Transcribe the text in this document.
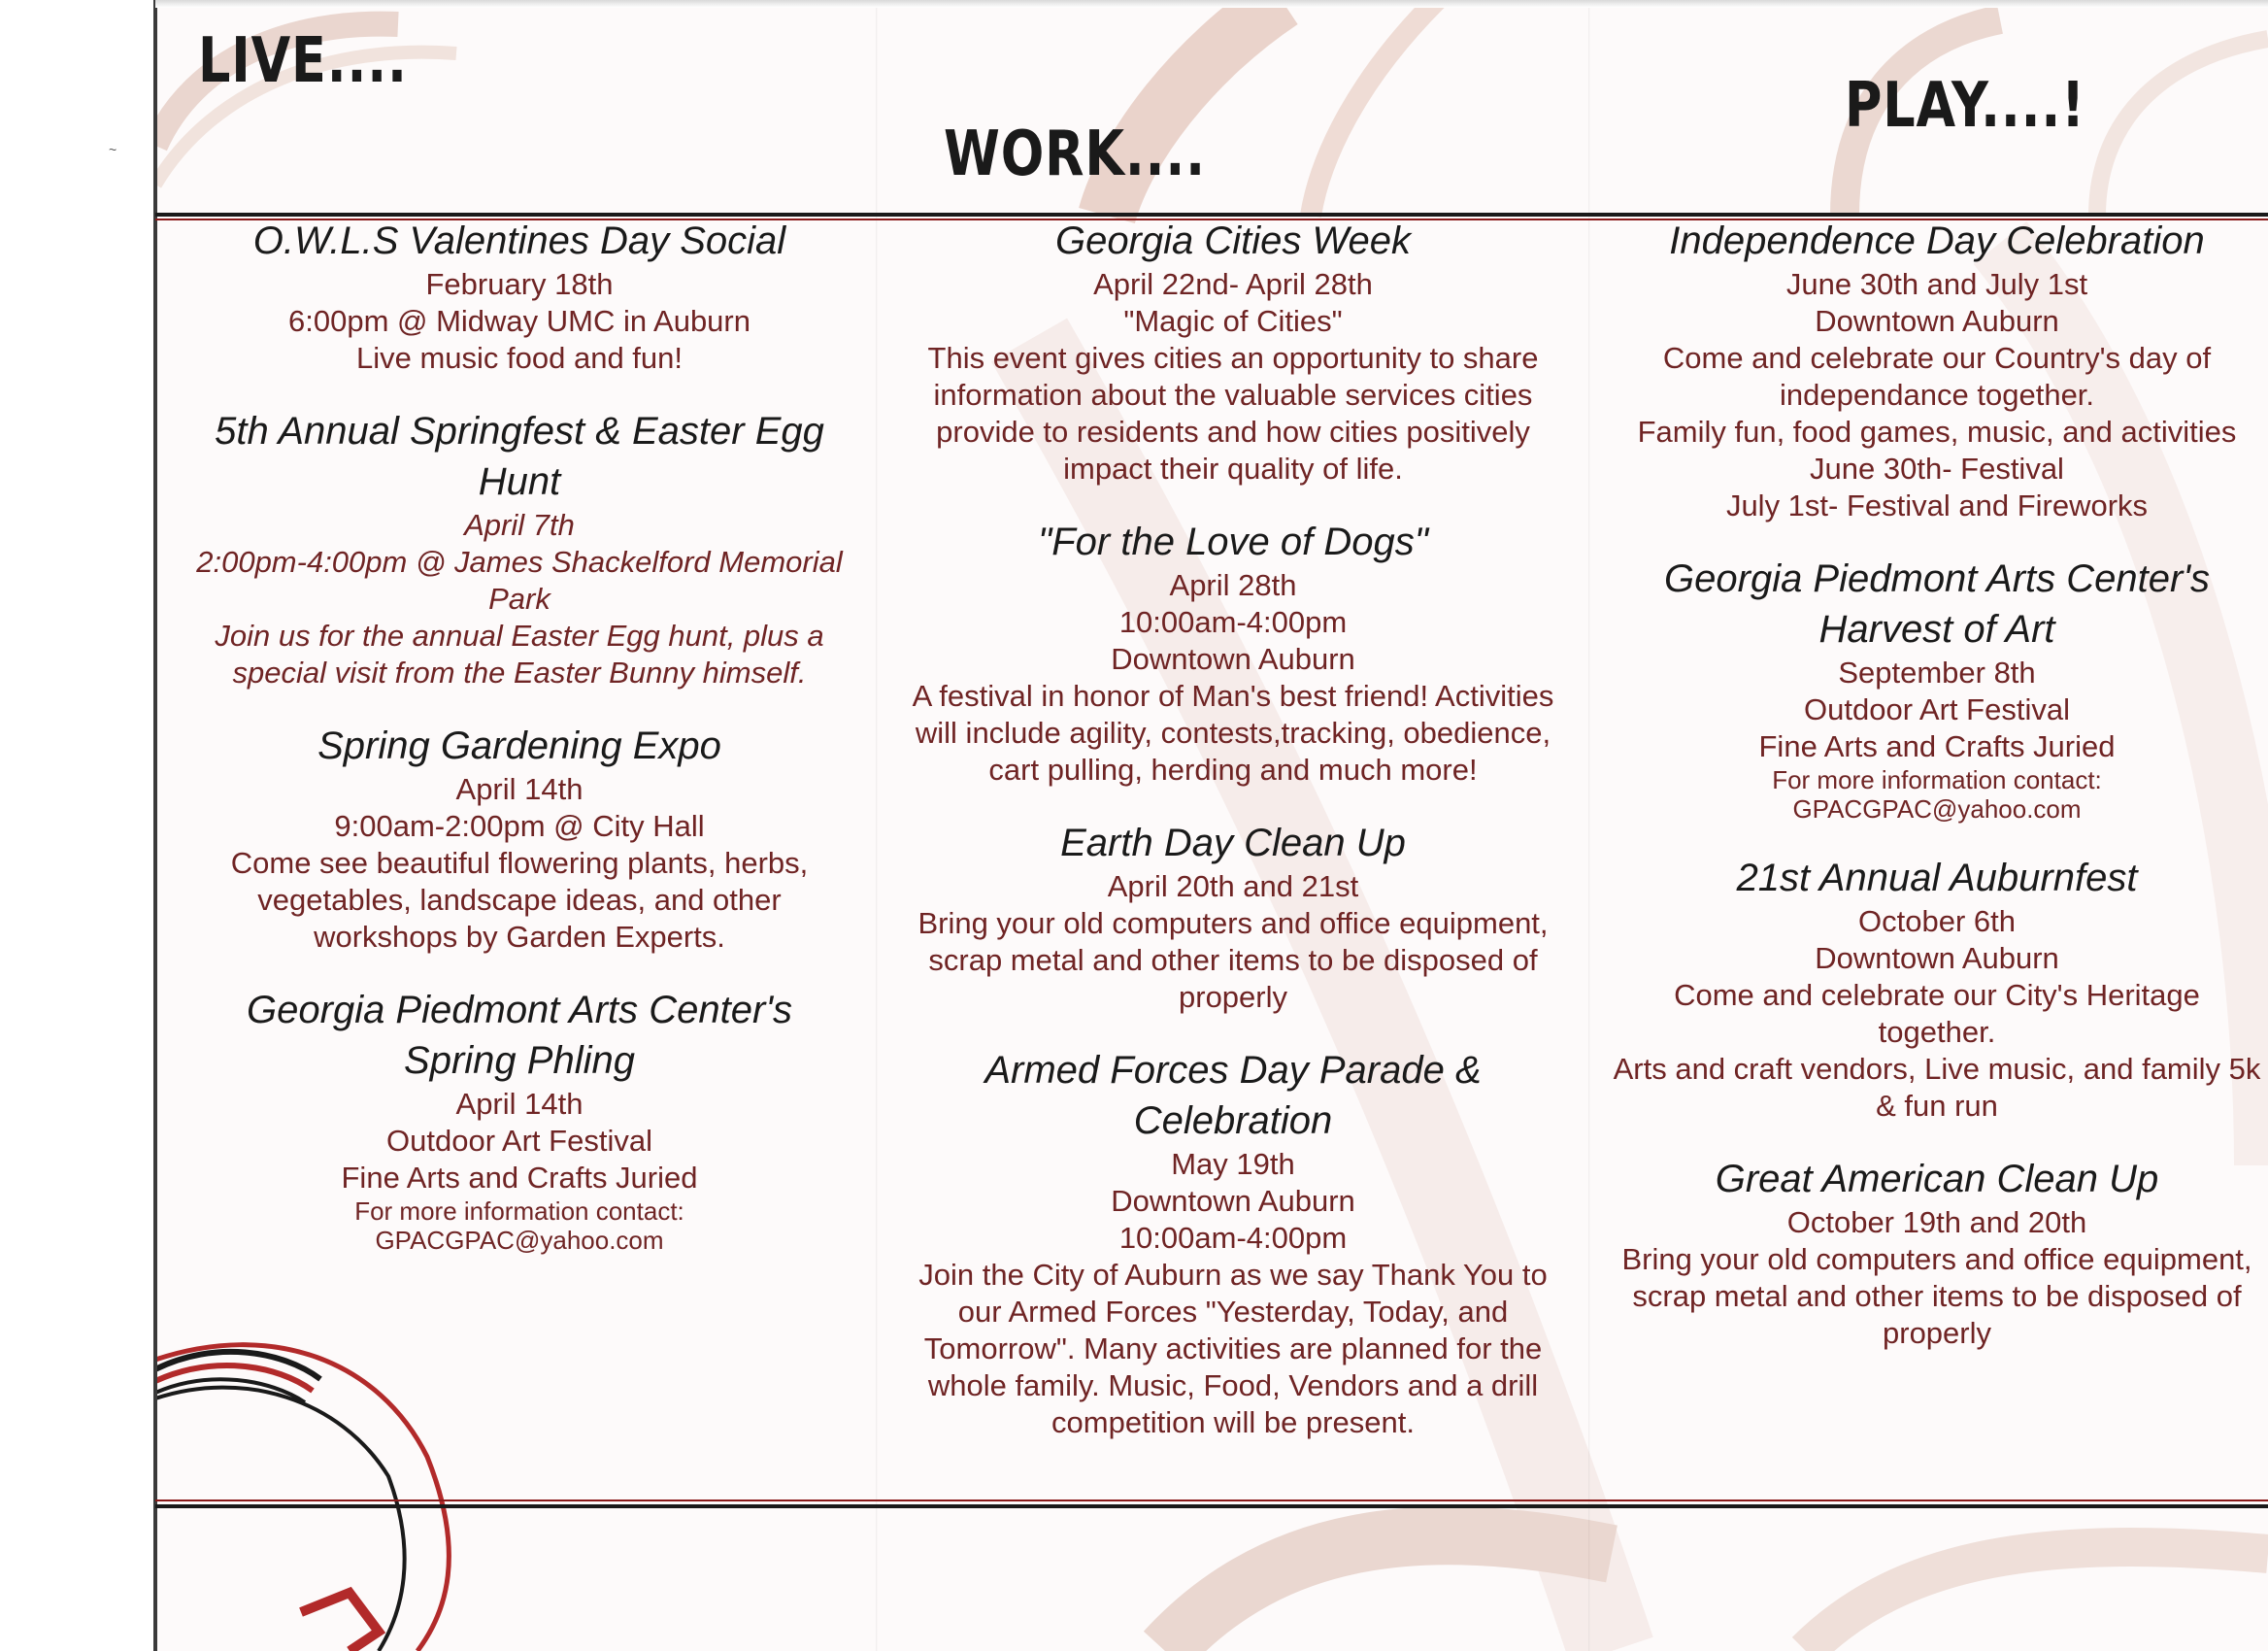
~
LIVE....
WORK....
PLAY....!

O.W.L.S Valentines Day Social

February 18th

6:00pm @ Midway UMC in Auburn

Live music food and fun!

5th Annual Springfest & Easter Egg Hunt

April 7th

2:00pm-4:00pm @ James Shackelford Memorial Park

Join us for the annual Easter Egg hunt, plus a special visit from the Easter Bunny himself.

Spring Gardening Expo

April 14th

9:00am-2:00pm @ City Hall

Come see beautiful flowering plants, herbs, vegetables, landscape ideas, and other workshops by Garden Experts.

Georgia Piedmont Arts Center's Spring Phling

April 14th

Outdoor Art Festival

Fine Arts and Crafts Juried

For more information contact:

GPACGPAC@yahoo.com

Georgia Cities Week

April 22nd- April 28th

"Magic of Cities"

This event gives cities an opportunity to share information about the valuable services cities provide to residents and how cities positively impact their quality of life.

"For the Love of Dogs"

April 28th

10:00am-4:00pm

Downtown Auburn

A festival in honor of Man's best friend! Activities will include agility, contests,tracking, obedience, cart pulling, herding and much more!

Earth Day Clean Up

April 20th and 21st

Bring your old computers and office equipment, scrap metal and other items to be disposed of properly

Armed Forces Day Parade & Celebration

May 19th

Downtown Auburn

10:00am-4:00pm

Join the City of Auburn as we say Thank You to our Armed Forces "Yesterday, Today, and Tomorrow". Many activities are planned for the whole family. Music, Food, Vendors and a drill competition will be present.

Independence Day Celebration

June 30th and July 1st

Downtown Auburn

Come and celebrate our Country's day of independance together.

Family fun, food games, music, and activities

June 30th- Festival

July 1st- Festival and Fireworks

Georgia Piedmont Arts Center's Harvest of Art

September 8th

Outdoor Art Festival

Fine Arts and Crafts Juried

For more information contact:

GPACGPAC@yahoo.com

21st Annual Auburnfest

October 6th

Downtown Auburn

Come and celebrate our City's Heritage together.

Arts and craft vendors, Live music, and family 5k & fun run

Great American Clean Up

October 19th and 20th

Bring your old computers and office equipment, scrap metal and other items to be disposed of properly
